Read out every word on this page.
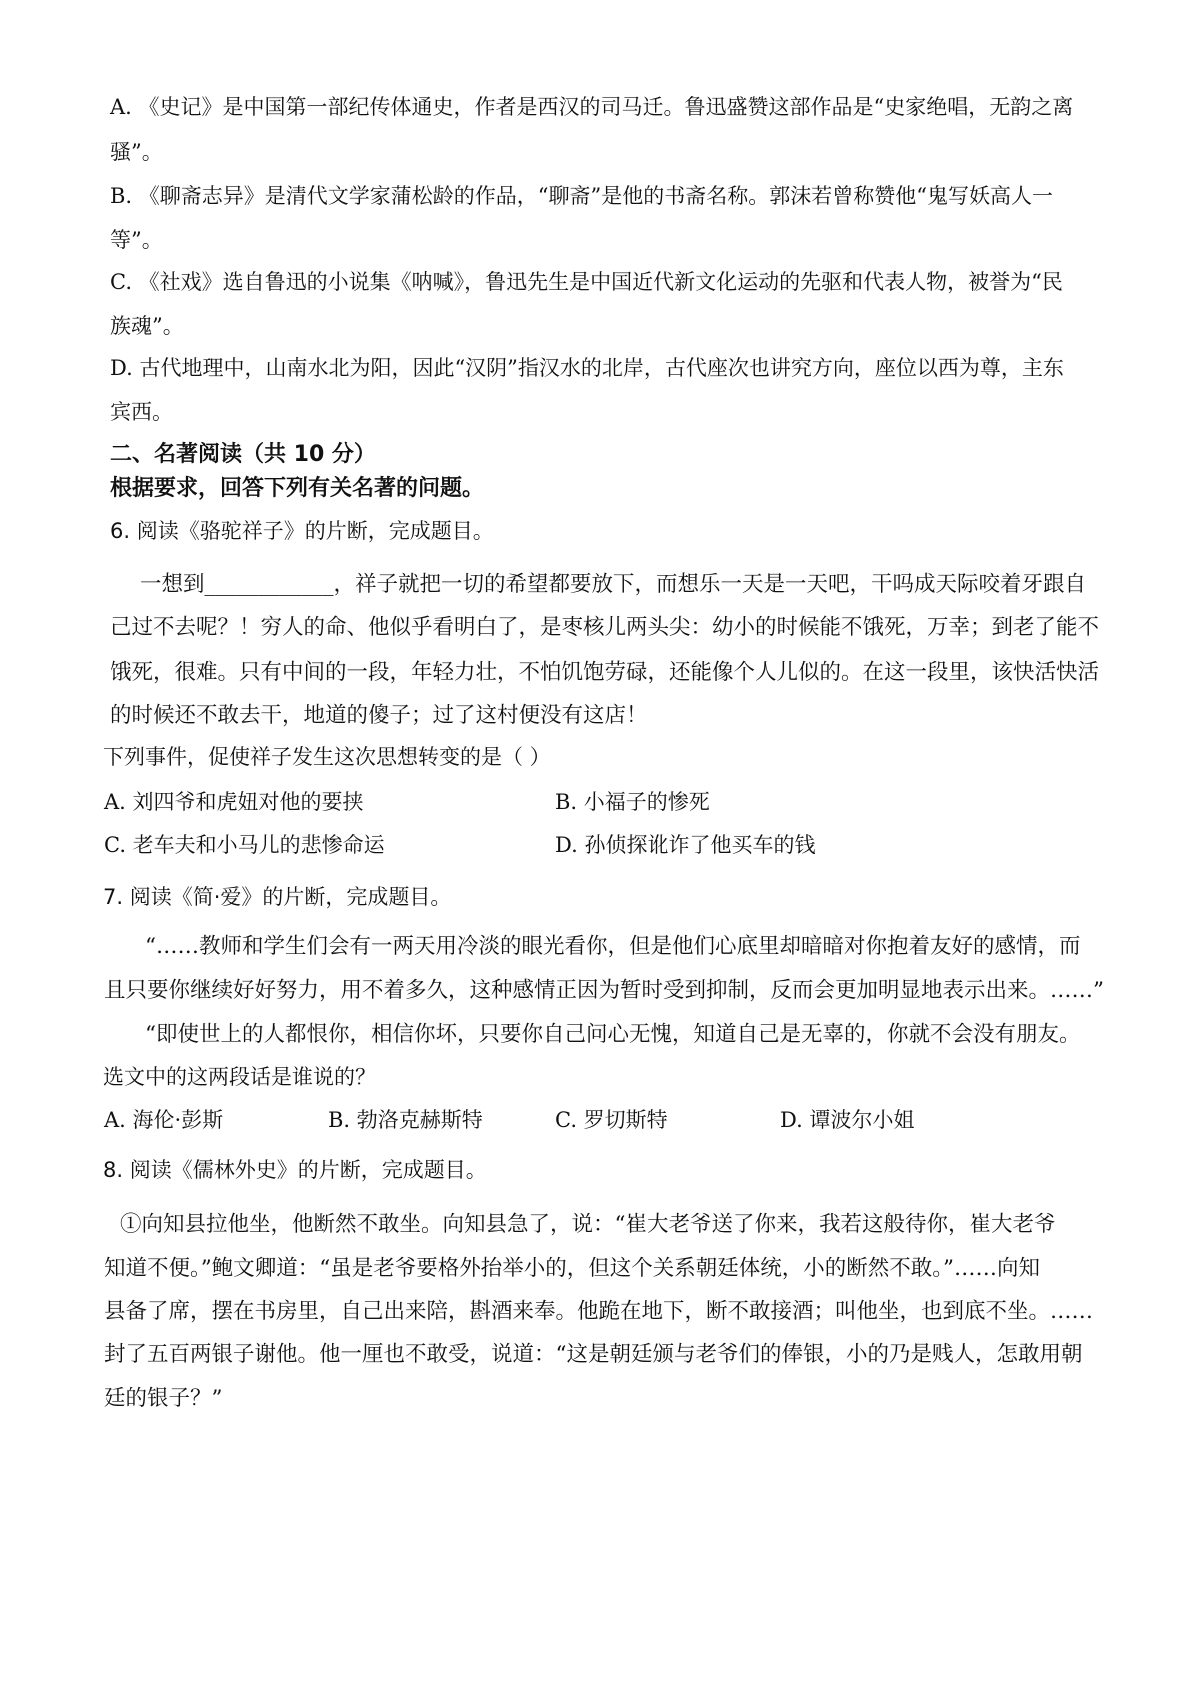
A. 《史记》是中国第一部纪传体通史，作者是西汉的司马迁。鲁迅盛赞这部作品是“史家绝唱，无韵之离
骚”。
B. 《聊斋志异》是清代文学家蒲松龄的作品，“聊斋”是他的书斋名称。郭沫若曾称赞他“鬼写妖高人一
等”。
C. 《社戏》选自鲁迅的小说集《呐喊》，鲁迅先生是中国近代新文化运动的先驱和代表人物，被誉为“民
族魂”。
D. 古代地理中，山南水北为阳，因此“汉阴”指汉水的北岸，古代座次也讲究方向，座位以西为尊，主东
宾西。
二、名著阅读（共 10 分）
根据要求，回答下列有关名著的问题。
6. 阅读《骆驼祥子》的片断，完成题目。
一想到____________，祥子就把一切的希望都要放下，而想乐一天是一天吧，干吗成天际咬着牙跟自
己过不去呢？！穷人的命、他似乎看明白了，是枣核儿两头尖：幼小的时候能不饿死，万幸；到老了能不
饿死，很难。只有中间的一段，年轻力壮，不怕饥饱劳碌，还能像个人儿似的。在这一段里，该快活快活
的时候还不敢去干，地道的傻子；过了这村便没有这店！
下列事件，促使祥子发生这次思想转变的是（ ）
A. 刘四爷和虎妞对他的要挟	B. 小福子的惨死
C. 老车夫和小马儿的悲惨命运	D. 孙侦探讹诈了他买车的钱
7. 阅读《简·爱》的片断，完成题目。
“……教师和学生们会有一两天用冷淡的眼光看你，但是他们心底里却暗暗对你抱着友好的感情，而
且只要你继续好好努力，用不着多久，这种感情正因为暂时受到抑制，反而会更加明显地表示出来。……”
“即使世上的人都恨你，相信你坏，只要你自己问心无愧，知道自己是无辜的，你就不会没有朋友。
选文中的这两段话是谁说的？
A. 海伦·彭斯	B. 勃洛克赫斯特	C. 罗切斯特	D. 谭波尔小姐
8. 阅读《儒林外史》的片断，完成题目。
①向知县拉他坐，他断然不敢坐。向知县急了，说：“崔大老爷送了你来，我若这般待你，崔大老爷
知道不便。”鲍文卿道：“虽是老爷要格外抬举小的，但这个关系朝廷体统，小的断然不敢。”……向知
县备了席，摆在书房里，自己出来陪，斟酒来奉。他跪在地下，断不敢接酒；叫他坐，也到底不坐。……
封了五百两银子谢他。他一厘也不敢受，说道：“这是朝廷颁与老爷们的俸银，小的乃是贱人，怎敢用朝
廷的银子？”
